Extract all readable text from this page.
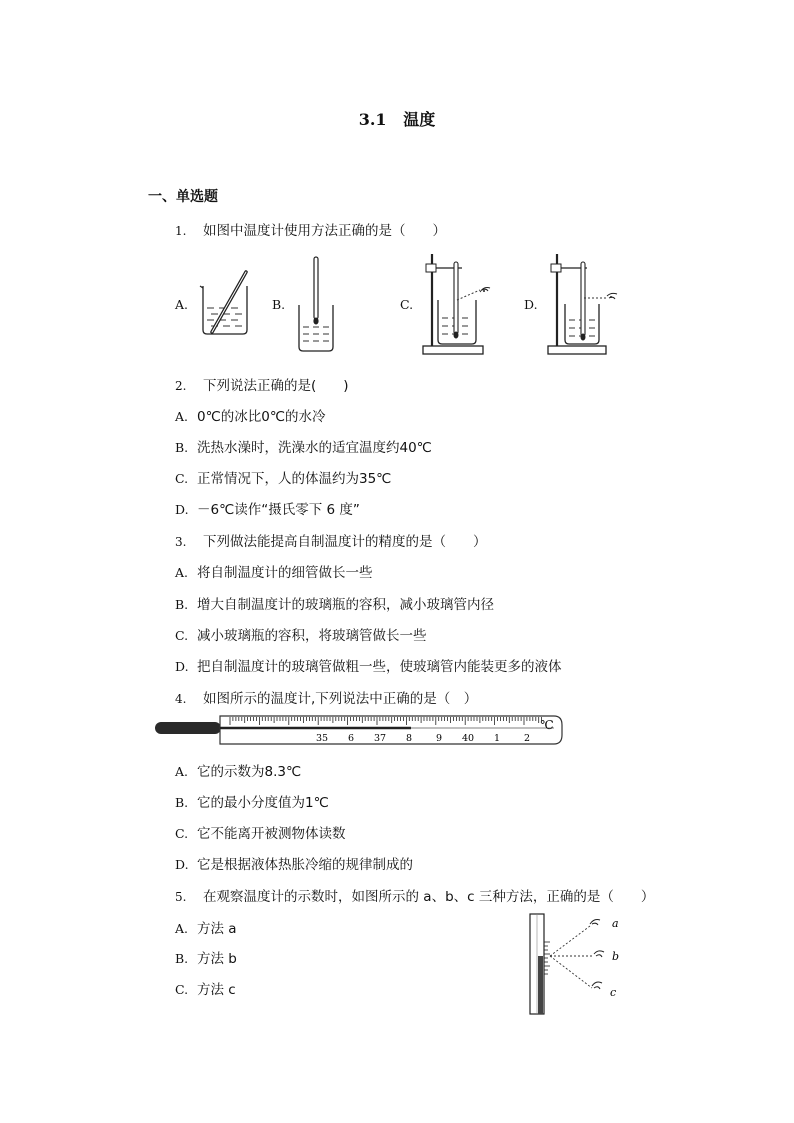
3.1 温度
一、单选题
1. 如图中温度计使用方法正确的是（　　）
A.	B.	C.	D.
2. 下列说法正确的是(　　)
A. 0℃的冰比0℃的水冷
B. 洗热水澡时，洗澡水的适宜温度约40℃
C. 正常情况下，人的体温约为35℃
D. －6℃读作“摄氏零下 6 度”
3. 下列做法能提高自制温度计的精度的是（　　）
A. 将自制温度计的细管做长一些
B. 增大自制温度计的玻璃瓶的容积，减小玻璃管内径
C. 减小玻璃瓶的容积，将玻璃管做长一些
D. 把自制温度计的玻璃管做粗一些，使玻璃管内能装更多的液体
4. 如图所示的温度计,下列说法中正确的是（　）
35 6 37 8	9 40 1	2
℃
A. 它的示数为8.3℃
B. 它的最小分度值为1℃
C. 它不能离开被测物体读数
D. 它是根据液体热胀冷缩的规律制成的
5. 在观察温度计的示数时，如图所示的 a、b、c 三种方法，正确的是（　　）
A. 方法 a
B. 方法 b
C. 方法 c
a
b
c
